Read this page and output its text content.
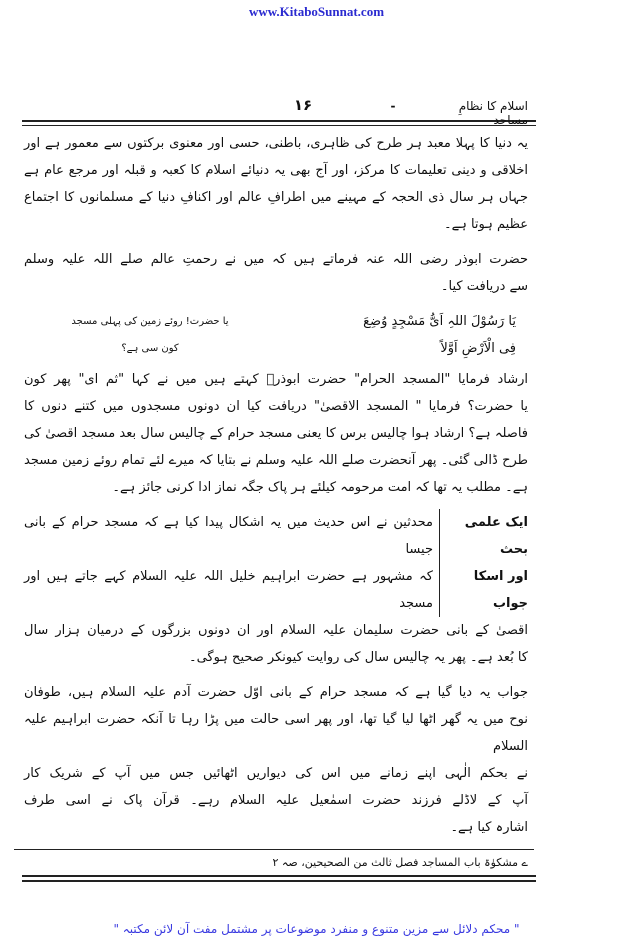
www.KitaboSunnat.com
اسلام کا نظامِ مساجد
-
۱۶
یہ دنیا کا پہلا معبد ہر طرح کی ظاہری، باطنی، حسی اور معنوی برکتوں سے معمور ہے اور
اخلاقی و دینی تعلیمات کا مرکز، اور آج بھی یہ دنیائے اسلام کا کعبہ و قبلہ اور مرجع عام ہے
جہاں ہر سال ذی الحجہ کے مہینے میں اطرافِ عالم اور اکنافِ دنیا کے مسلمانوں کا اجتماع
عظیم ہوتا ہے۔
حضرت ابوذر رضی اللہ عنہ فرماتے ہیں کہ میں نے رحمتِ عالم صلے اللہ علیہ وسلم
سے دریافت کیا۔
یَا رَسُوْلَ اللہِ اَیُّ مَسْجِدٍ وُضِعَ
یا حضرت! روئے زمین کی پہلی مسجد
فِی الْاَرْضِ اَوَّلاً
کون سی ہے؟
ارشاد فرمایا "المسجد الحرام" حضرت ابوذرؓ کہتے ہیں میں نے کہا "ثم ای" پھر کون
یا حضرت؟ فرمایا " المسجد الاقصیٰ" دریافت کیا ان دونوں مسجدوں میں کتنے دنوں کا
فاصلہ ہے؟ ارشاد ہوا چالیس برس کا یعنی مسجد حرام کے چالیس سال بعد مسجد اقصیٰ کی
طرح ڈالی گئی۔ پھر آنحضرت صلے اللہ علیہ وسلم نے بتایا کہ میرے لئے تمام روئے زمین مسجد
ہے۔ مطلب یہ تھا کہ امت مرحومہ کیلئے ہر پاک جگہ نماز ادا کرنی جائز ہے۔
ایک علمی بحث
اور اسکا جواب
محدثین نے اس حدیث میں یہ اشکال پیدا کیا ہے کہ مسجد حرام کے بانی جیسا
کہ مشہور ہے حضرت ابراہیم خلیل اللہ علیہ السلام کہے جاتے ہیں اور مسجد
اقصیٰ کے بانی حضرت سلیمان علیہ السلام اور ان دونوں بزرگوں کے درمیان ہزار سال
کا بُعد ہے۔ پھر یہ چالیس سال کی روایت کیونکر صحیح ہوگی۔
جواب یہ دیا گیا ہے کہ مسجد حرام کے بانی اوّل حضرت آدم علیہ السلام ہیں، طوفان
نوح میں یہ گھر اٹھا لیا گیا تھا، اور پھر اسی حالت میں پڑا رہا تا آنکہ حضرت ابراہیم علیہ السلام
نے بحکم الٰہی اپنے زمانے میں اس کی دیواریں اٹھائیں جس میں آپ کے شریک کار
آپ کے لاڈلے فرزند حضرت اسمٰعیل علیہ السلام رہے۔ قرآن پاک نے اسی طرف
اشارہ کیا ہے۔
ے مشکوٰۃ باب المساجد فصل ثالث من الصحیحین، صہ ۲
" محکم دلائل سے مزین متنوع و منفرد موضوعات پر مشتمل مفت آن لائن مکتبہ "
